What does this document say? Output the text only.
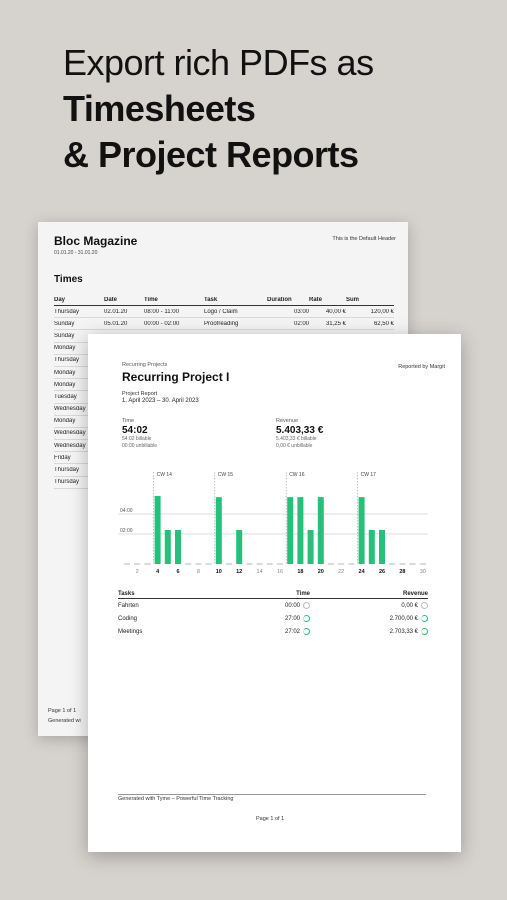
Export rich PDFs as
Timesheets
& Project Reports
Bloc Magazine
01.01.20 - 31.01.20
This is the Default Header
Times
Day	Date	Time	Task	Duration	Rate	Sum
Thursday	02.01.20	08:00 - 11:00	Logo / Claim	03:00	40,00 €	120,00 €
Sunday	05.01.20	00:00 - 02:00	Proofreading	02:00	31,25 €	62,50 €
Sunday
Monday
Thursday
Monday
Monday
Tuesday
Wednesday
Monday
Wednesday
Wednesday
Friday
Thursday
Thursday
Page 1 of 1
Generated wi
Recurring Projects
Recurring Project I
Reported by Margit
Project Report
1. April 2023 – 30. April 2023
Time
54:02
54:02 billable
00:00 unbillable
Revenue
5.403,33 €
5.403,33 € billable
0,00 € unbillable
04:00
02:00
CW 14	CW 15	CW 16	CW 17
2	4	6	8	10	12	14	16	18	20	22	24	26	28	30
Tasks	Time	Revenue
Fahrten	00:00	0,00 €
Coding	27:00	2.700,00 €
Meetings	27:02	2.703,33 €
Generated with Tyme – Powerful Time Tracking
Page 1 of 1
